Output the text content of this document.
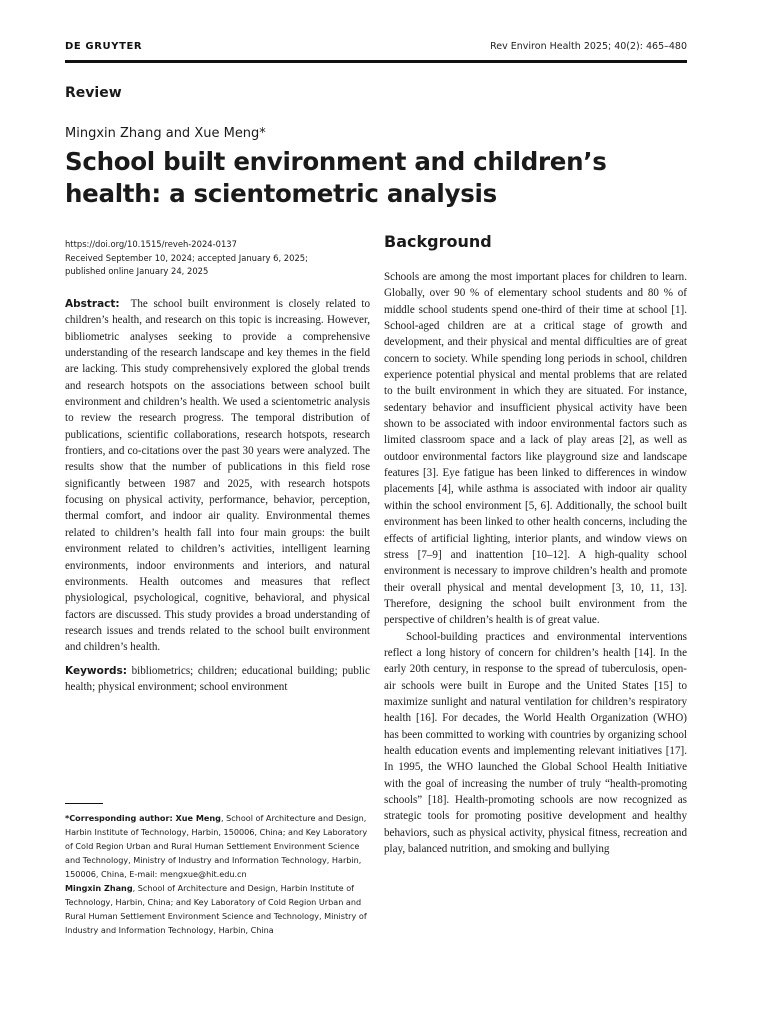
DE GRUYTER	Rev Environ Health 2025; 40(2): 465–480
Review
Mingxin Zhang and Xue Meng*
School built environment and children’s health: a scientometric analysis
https://doi.org/10.1515/reveh-2024-0137
Received September 10, 2024; accepted January 6, 2025;
published online January 24, 2025

Abstract: The school built environment is closely related to children’s health, and research on this topic is increasing. However, bibliometric analyses seeking to provide a comprehensive understanding of the research landscape and key themes in the field are lacking. This study comprehensively explored the global trends and research hotspots on the associations between school built environment and children’s health. We used a scientometric analysis to review the research progress. The temporal distribution of publications, scientific collaborations, research hotspots, research frontiers, and co-citations over the past 30 years were analyzed. The results show that the number of publications in this field rose significantly between 1987 and 2025, with research hotspots focusing on physical activity, performance, behavior, perception, thermal comfort, and indoor air quality. Environmental themes related to children’s health fall into four main groups: the built environment related to children’s activities, intelligent learning environments, indoor environments and interiors, and natural environments. Health outcomes and measures that reflect physiological, psychological, cognitive, behavioral, and physical factors are discussed. This study provides a broad understanding of research issues and trends related to the school built environment and children’s health.

Keywords: bibliometrics; children; educational building; public health; physical environment; school environment

*Corresponding author: Xue Meng, School of Architecture and Design, Harbin Institute of Technology, Harbin, 150006, China; and Key Laboratory of Cold Region Urban and Rural Human Settlement Environment Science and Technology, Ministry of Industry and Information Technology, Harbin, 150006, China, E-mail: mengxue@hit.edu.cn

Mingxin Zhang, School of Architecture and Design, Harbin Institute of Technology, Harbin, China; and Key Laboratory of Cold Region Urban and Rural Human Settlement Environment Science and Technology, Ministry of Industry and Information Technology, Harbin, China

Background

Schools are among the most important places for children to learn. Globally, over 90 % of elementary school students and 80 % of middle school students spend one-third of their time at school [1]. School-aged children are at a critical stage of growth and development, and their physical and mental difficulties are of great concern to society. While spending long periods in school, children experience potential physical and mental problems that are related to the built environment in which they are situated. For instance, sedentary behavior and insufficient physical activity have been shown to be associated with indoor environmental factors such as limited classroom space and a lack of play areas [2], as well as outdoor environmental factors like playground size and landscape features [3]. Eye fatigue has been linked to differences in window placements [4], while asthma is associated with indoor air quality within the school environment [5, 6]. Additionally, the school built environment has been linked to other health concerns, including the effects of artificial lighting, interior plants, and window views on stress [7–9] and inattention [10–12]. A high-quality school environment is necessary to improve children’s health and promote their overall physical and mental development [3, 10, 11, 13]. Therefore, designing the school built environment from the perspective of children’s health is of great value.

School-building practices and environmental interventions reflect a long history of concern for children’s health [14]. In the early 20th century, in response to the spread of tuberculosis, open-air schools were built in Europe and the United States [15] to maximize sunlight and natural ventilation for children’s respiratory health [16]. For decades, the World Health Organization (WHO) has been committed to working with countries by organizing school health education events and implementing relevant initiatives [17]. In 1995, the WHO launched the Global School Health Initiative with the goal of increasing the number of truly “health-promoting schools” [18]. Health-promoting schools are now recognized as strategic tools for promoting positive development and healthy behaviors, such as physical activity, physical fitness, recreation and play, balanced nutrition, and smoking and bullying
